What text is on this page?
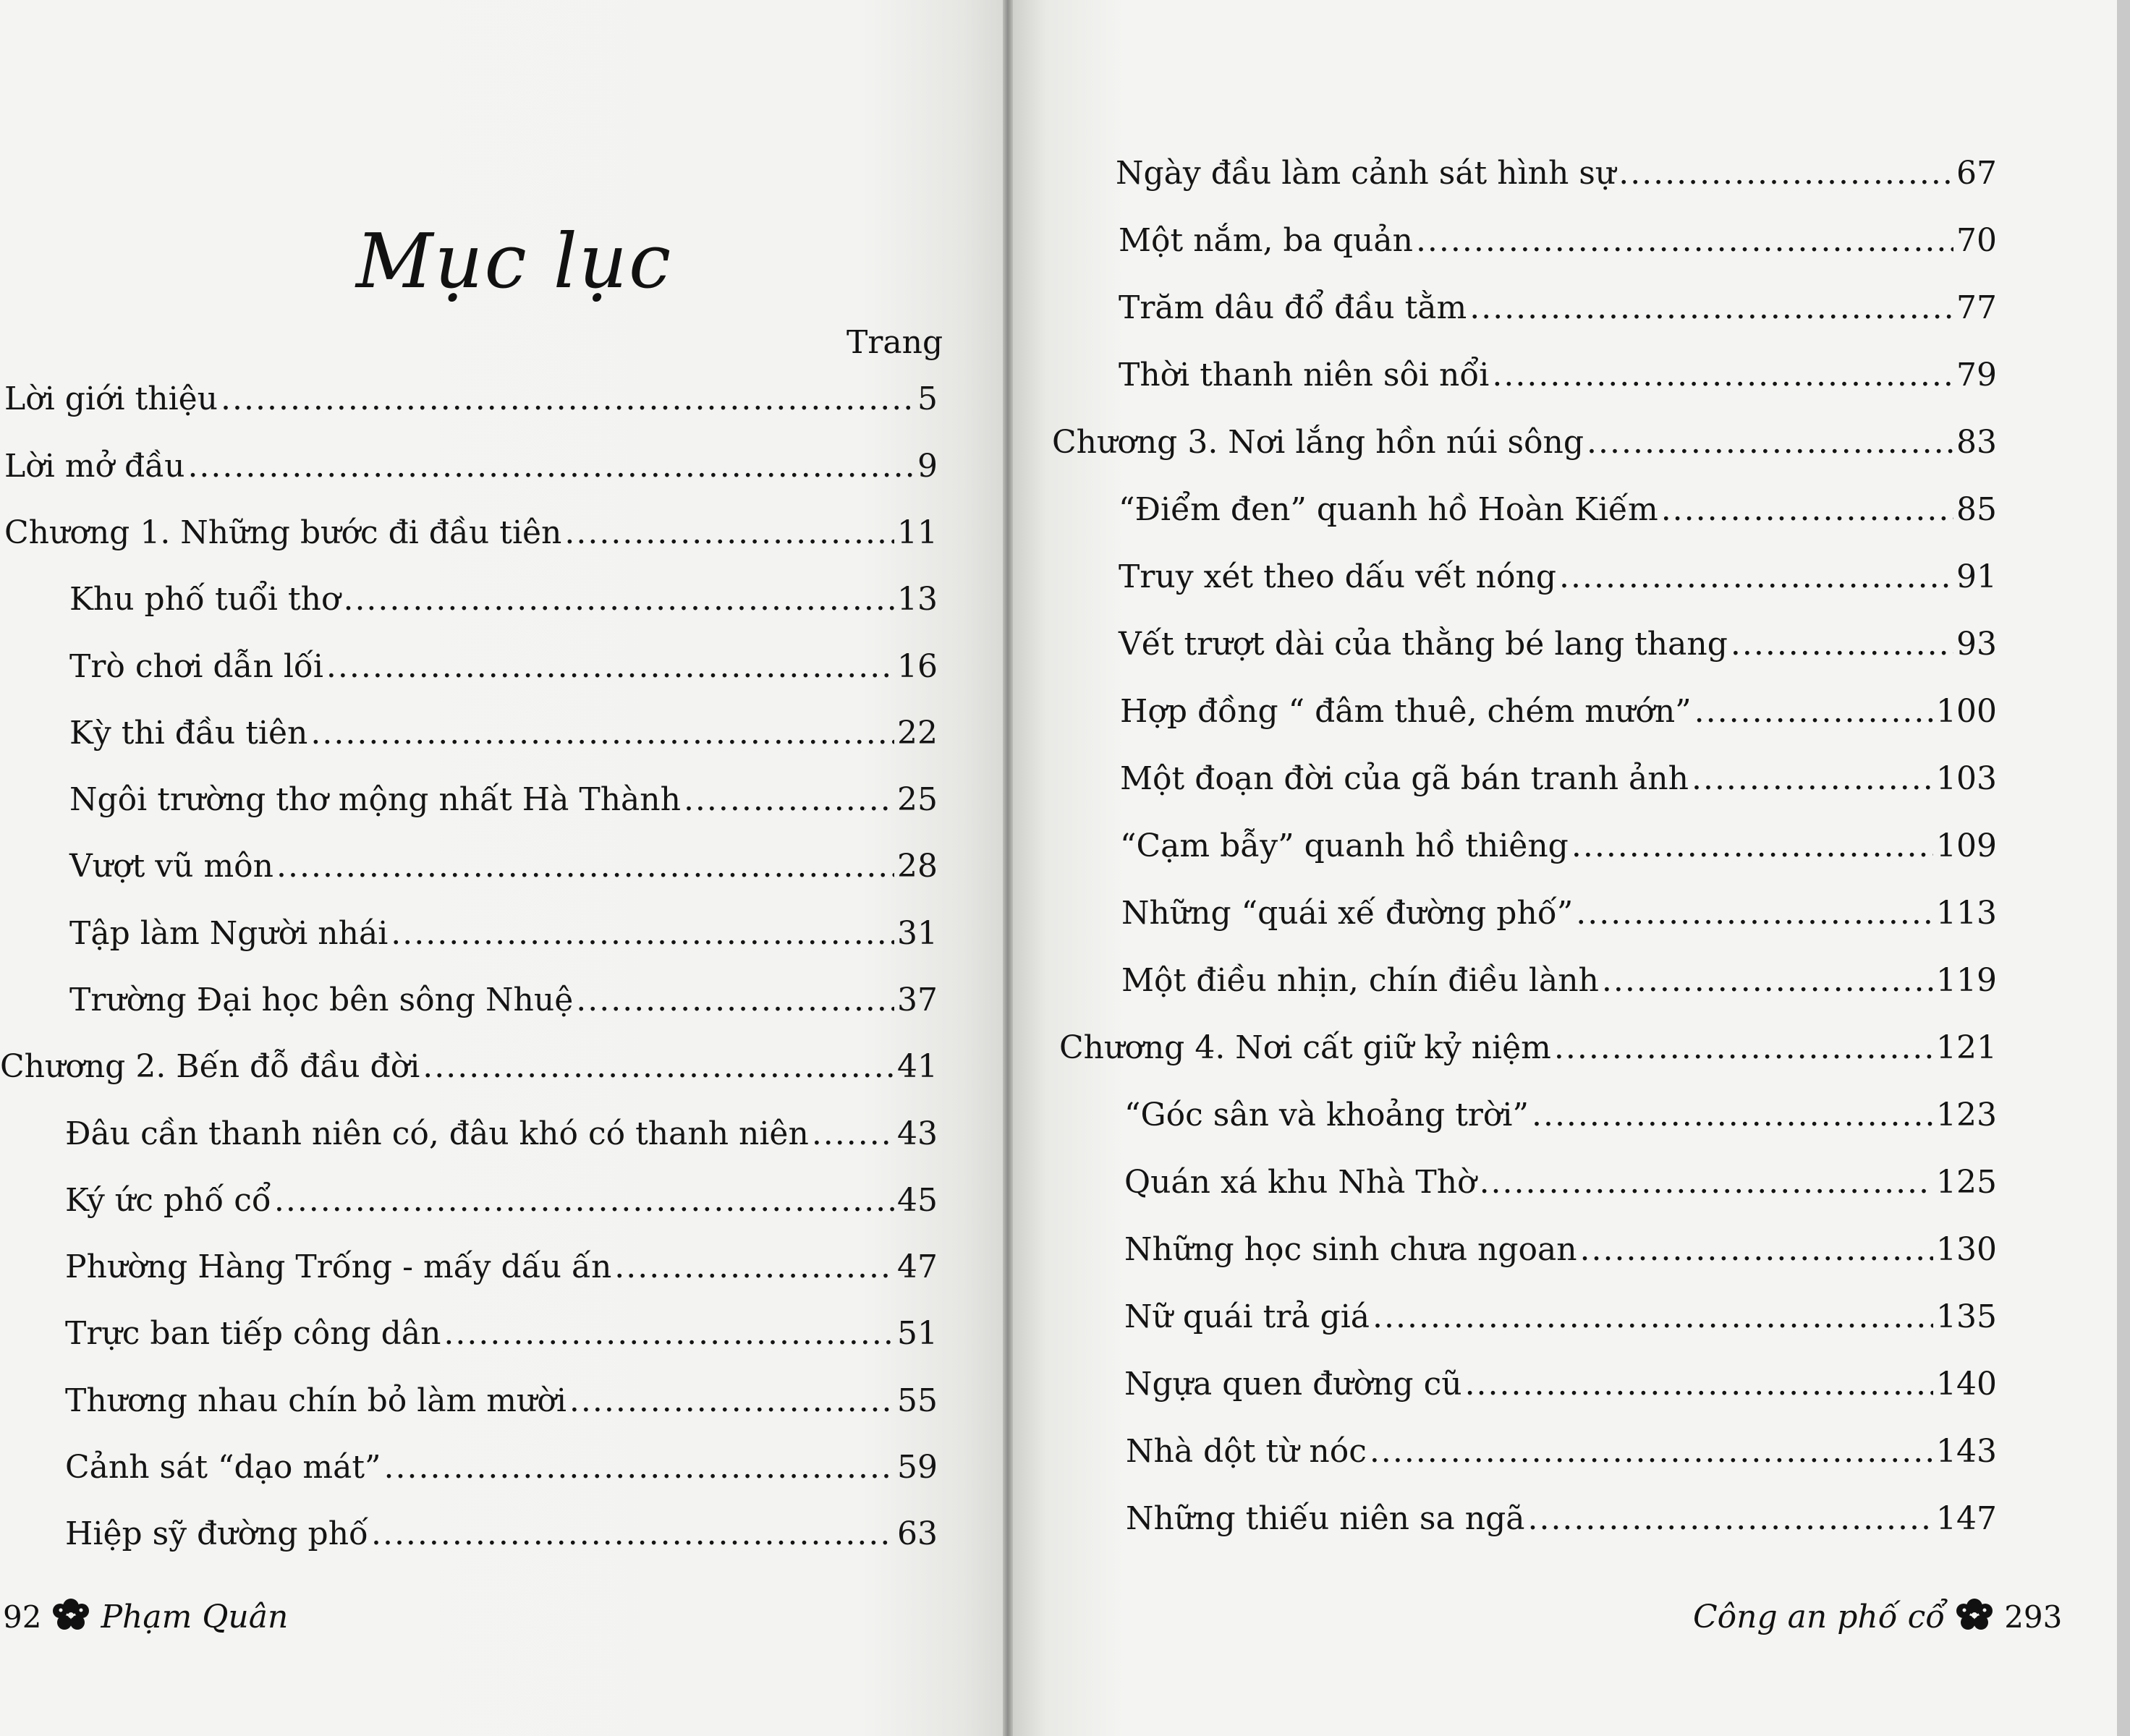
Mục lục
Trang
Lời giới thiệu .....	5
Lời mở đầu .....	9
Chương 1. Những bước đi đầu tiên .....	11
Khu phố tuổi thơ .....	13
Trò chơi dẫn lối .....	16
Kỳ thi đầu tiên .....	22
Ngôi trường thơ mộng nhất Hà Thành .....	25
Vượt vũ môn .....	28
Tập làm Người nhái .....	31
Trường Đại học bên sông Nhuệ .....	37
Chương 2. Bến đỗ đầu đời .....	41
Đâu cần thanh niên có, đâu khó có thanh niên .....	43
Ký ức phố cổ .....	45
Phường Hàng Trống - mấy dấu ấn .....	47
Trực ban tiếp công dân .....	51
Thương nhau chín bỏ làm mười .....	55
Cảnh sát “dạo mát” .....	59
Hiệp sỹ đường phố .....	63
92 Phạm Quân
Ngày đầu làm cảnh sát hình sự .....	67
Một nắm, ba quản .....	70
Trăm dâu đổ đầu tằm .....	77
Thời thanh niên sôi nổi .....	79
Chương 3. Nơi lắng hồn núi sông .....	83
“Điểm đen” quanh hồ Hoàn Kiếm .....	85
Truy xét theo dấu vết nóng .....	91
Vết trượt dài của thằng bé lang thang .....	93
Hợp đồng “ đâm thuê, chém mướn” .....	100
Một đoạn đời của gã bán tranh ảnh .....	103
“Cạm bẫy” quanh hồ thiêng .....	109
Những “quái xế đường phố” .....	113
Một điều nhịn, chín điều lành .....	119
Chương 4. Nơi cất giữ kỷ niệm .....	121
“Góc sân và khoảng trời” .....	123
Quán xá khu Nhà Thờ .....	125
Những học sinh chưa ngoan .....	130
Nữ quái trả giá .....	135
Ngựa quen đường cũ .....	140
Nhà dột từ nóc .....	143
Những thiếu niên sa ngã .....	147
Công an phố cổ 293
